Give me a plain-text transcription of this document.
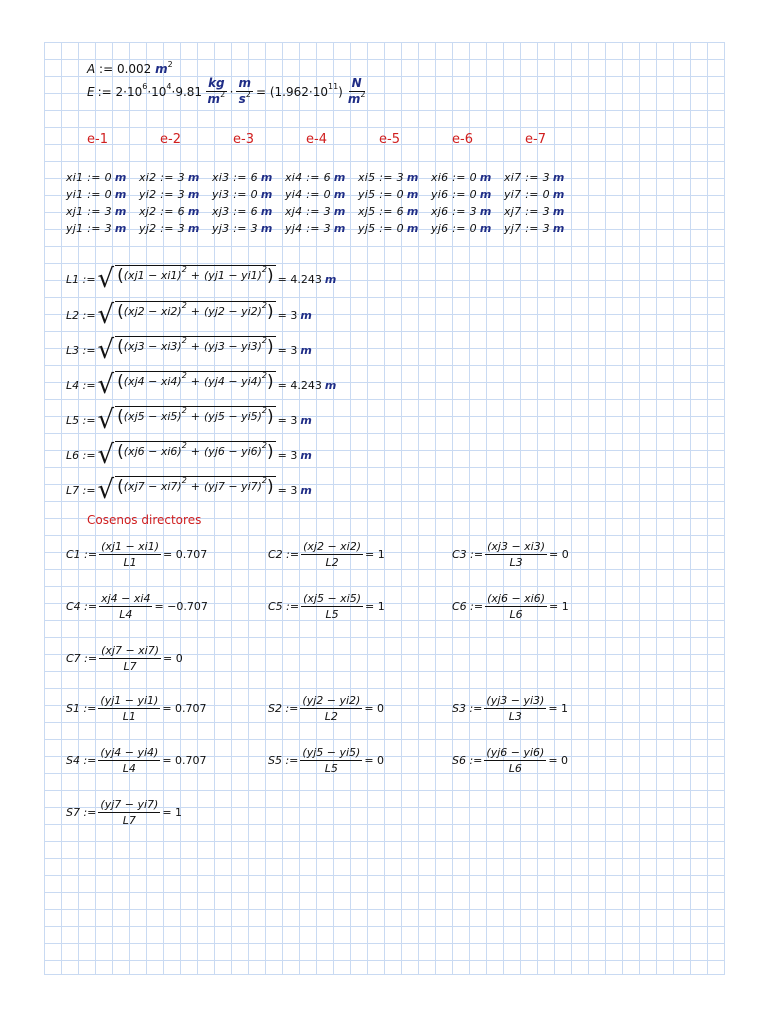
A := 0.002 $m^2$
E := 2·10 6 ·10 4 ·9.81
kg
$m^2 \cdot \frac{m}{s^2} = (1.962\cdot 10$ 11 )
N
$m^2$
e-1	e-2	e-3	e-4	e-5	e-6	e-7
xi1 := 0 m xi2 := 3 m xi3 := 6 m xi4 := 6 m xi5 := 3 m xi6 := 0 m xi7 := 3 m
yi1 := 0 m yi2 := 3 m yi3 := 0 m yi4 := 0 m yi5 := 0 m yi6 := 0 m yi7 := 0 m
xj1 := 3 m xj2 := 6 m xj3 := 6 m xj4 := 3 m xj5 := 6 m xj6 := 3 m xj7 := 3 m
yj1 := 3 m yj2 := 3 m yj3 := 3 m yj4 := 3 m yj5 := 0 m yj6 := 0 m yj7 := 3 m
L1 := √ ( (xj1 − xi1) 2 + (yj1 − yi1) 2 ) = 4.243 m
L2 := √ ( (xj2 − xi2) 2 + (yj2 − yi2) 2 ) = 3 m
L3 := √ ( (xj3 − xi3) 2 + (yj3 − yi3) 2 ) = 3 m
L4 := √ ( (xj4 − xi4) 2 + (yj4 − yi4) 2 ) = 4.243 m
L5 := √ ( (xj5 − xi5) 2 + (yj5 − yi5) 2 ) = 3 m
L6 := √ ( (xj6 − xi6) 2 + (yj6 − yi6) 2 ) = 3 m
L7 := √ ( (xj7 − xi7) 2 + (yj7 − yi7) 2 ) = 3 m
Cosenos directores
C1 := $\frac{(xj1 - xi1)}{L1} = 0.707$	C2 := $\frac{(xj2 - xi2)}{L2} = 1$	C3 := $\frac{(xj3 - xi3)}{L3} = 0$
C4 := $\frac{xj4 - xi4}{L4} = -0.707$	C5 := $\frac{(xj5 - xi5)}{L5} = 1$	C6 := $\frac{(xj6 - xi6)}{L6} = 1$
C7 := $\frac{(xj7 - xi7)}{L7} = 0$
S1 := $\frac{(yj1 - yi1)}{L1} = 0.707$	S2 := $\frac{(yj2 - yi2)}{L2} = 0$	S3 := $\frac{(yj3 - yi3)}{L3} = 1$
S4 := $\frac{(yj4 - yi4)}{L4} = 0.707$	S5 := $\frac{(yj5 - yi5)}{L5} = 0$	S6 := $\frac{(yj6 - yi6)}{L6} = 0$
S7 := $\frac{(yj7 - yi7)}{L7} = 1$
